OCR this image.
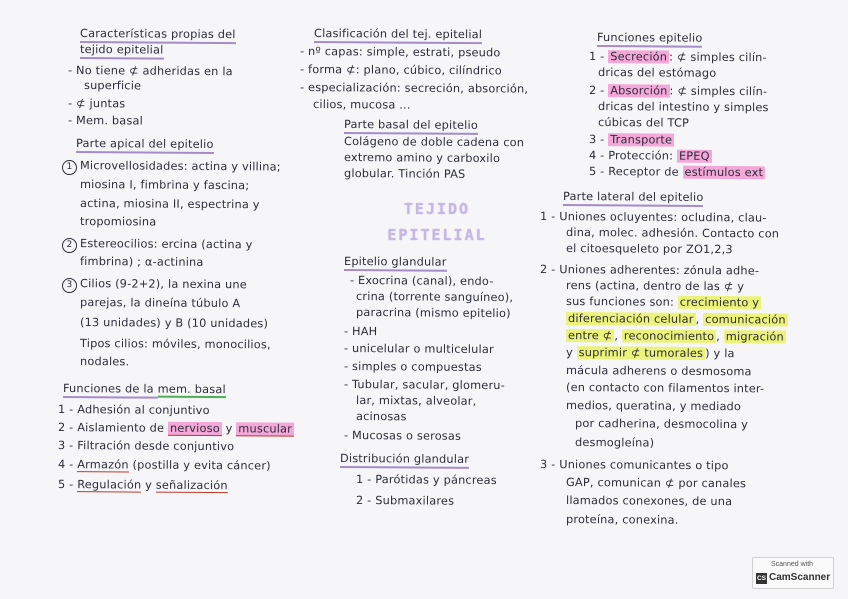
Características propias del
tejido epitelial
- No tiene ⊄ adheridas en la
superficie
- ⊄ juntas
- Mem. basal
Parte apical del epitelio
1 Microvellosidades: actina y villina;
miosina I, fimbrina y fascina;
actina, miosina II, espectrina y
tropomiosina
2 Estereocilios: ercina (actina y
fimbrina) ; α-actinina
3 Cilios (9-2+2), la nexina une
parejas, la dineína túbulo A
(13 unidades) y B (10 unidades)
Tipos cilios: móviles, monocilios,
nodales.
Funciones de la mem. basal
1 - Adhesión al conjuntivo
2 - Aislamiento de nervioso y muscular
3 - Filtración desde conjuntivo
4 - Armazón (postilla y evita cáncer)
5 - Regulación y señalización
Clasificación del tej. epitelial
- nº capas: simple, estrati, pseudo
- forma ⊄: plano, cúbico, cilíndrico
- especialización: secreción, absorción,
cilios, mucosa ...
Parte basal del epitelio
Colágeno de doble cadena con
extremo amino y carboxilo
globular. Tinción PAS
TEJIDO
EPITELIAL
Epitelio glandular
- Exocrina (canal), endo-
crina (torrente sanguíneo),
paracrina (mismo epitelio)
- HAH
- unicelular o multicelular
- simples o compuestas
- Tubular, sacular, glomeru-
lar, mixtas, alveolar,
acinosas
- Mucosas o serosas
Distribución glandular
1 - Parótidas y páncreas
2 - Submaxilares
Funciones epitelio
1 - Secreción : ⊄ simples cilín-
dricas del estómago
2 - Absorción : ⊄ simples cilín-
dricas del intestino y simples
cúbicas del TCP
3 - Transporte
4 - Protección: EPEQ
5 - Receptor de estímulos ext
Parte lateral del epitelio
1 - Uniones ocluyentes: ocludina, clau-
dina, molec. adhesión. Contacto con
el citoesqueleto por ZO1,2,3
2 - Uniones adherentes: zónula adhe-
rens (actina, dentro de las ⊄ y
sus funciones son: crecimiento y
diferenciación celular , comunicación
entre ⊄ , reconocimiento , migración
y suprimir ⊄ tumorales ) y la
mácula adherens o desmosoma
(en contacto con filamentos inter-
medios, queratina, y mediado
por cadherina, desmocolina y
desmogleína)
3 - Uniones comunicantes o tipo
GAP, comunican ⊄ por canales
llamados conexones, de una
proteína, conexina.
Scanned with
CS CamScanner
